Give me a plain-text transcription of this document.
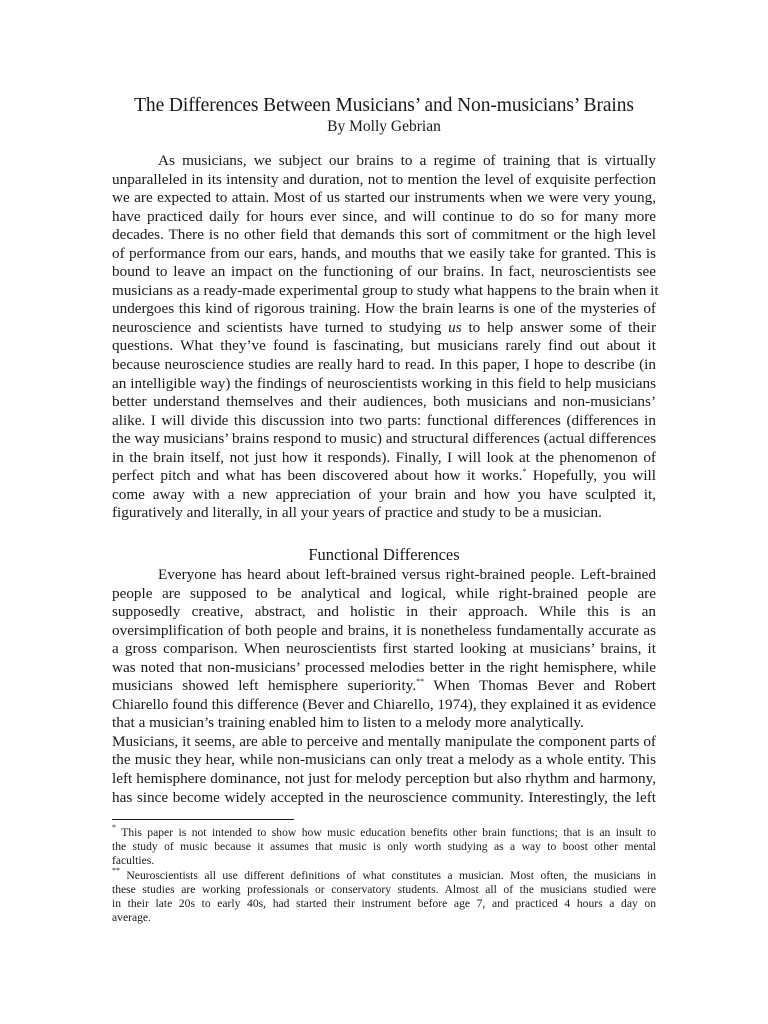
The Differences Between Musicians’ and Non-musicians’ Brains
By Molly Gebrian
As musicians, we subject our brains to a regime of training that is virtually
unparalleled in its intensity and duration, not to mention the level of exquisite perfection
we are expected to attain. Most of us started our instruments when we were very young,
have practiced daily for hours ever since, and will continue to do so for many more
decades. There is no other field that demands this sort of commitment or the high level
of performance from our ears, hands, and mouths that we easily take for granted. This is
bound to leave an impact on the functioning of our brains. In fact, neuroscientists see
musicians as a ready-made experimental group to study what happens to the brain when it
undergoes this kind of rigorous training. How the brain learns is one of the mysteries of
neuroscience and scientists have turned to studying us to help answer some of their
questions. What they’ve found is fascinating, but musicians rarely find out about it
because neuroscience studies are really hard to read. In this paper, I hope to describe (in
an intelligible way) the findings of neuroscientists working in this field to help musicians
better understand themselves and their audiences, both musicians and non-musicians’
alike. I will divide this discussion into two parts: functional differences (differences in
the way musicians’ brains respond to music) and structural differences (actual differences
in the brain itself, not just how it responds). Finally, I will look at the phenomenon of
perfect pitch and what has been discovered about how it works.* Hopefully, you will
come away with a new appreciation of your brain and how you have sculpted it,
figuratively and literally, in all your years of practice and study to be a musician.
Functional Differences
Everyone has heard about left-brained versus right-brained people. Left-brained
people are supposed to be analytical and logical, while right-brained people are
supposedly creative, abstract, and holistic in their approach. While this is an
oversimplification of both people and brains, it is nonetheless fundamentally accurate as
a gross comparison. When neuroscientists first started looking at musicians’ brains, it
was noted that non-musicians’ processed melodies better in the right hemisphere, while
musicians showed left hemisphere superiority.** When Thomas Bever and Robert
Chiarello found this difference (Bever and Chiarello, 1974), they explained it as evidence
that a musician’s training enabled him to listen to a melody more analytically.
Musicians, it seems, are able to perceive and mentally manipulate the component parts of
the music they hear, while non-musicians can only treat a melody as a whole entity. This
left hemisphere dominance, not just for melody perception but also rhythm and harmony,
has since become widely accepted in the neuroscience community. Interestingly, the left
* This paper is not intended to show how music education benefits other brain functions; that is an insult to
the study of music because it assumes that music is only worth studying as a way to boost other mental
faculties.
** Neuroscientists all use different definitions of what constitutes a musician. Most often, the musicians in
these studies are working professionals or conservatory students. Almost all of the musicians studied were
in their late 20s to early 40s, had started their instrument before age 7, and practiced 4 hours a day on
average.
